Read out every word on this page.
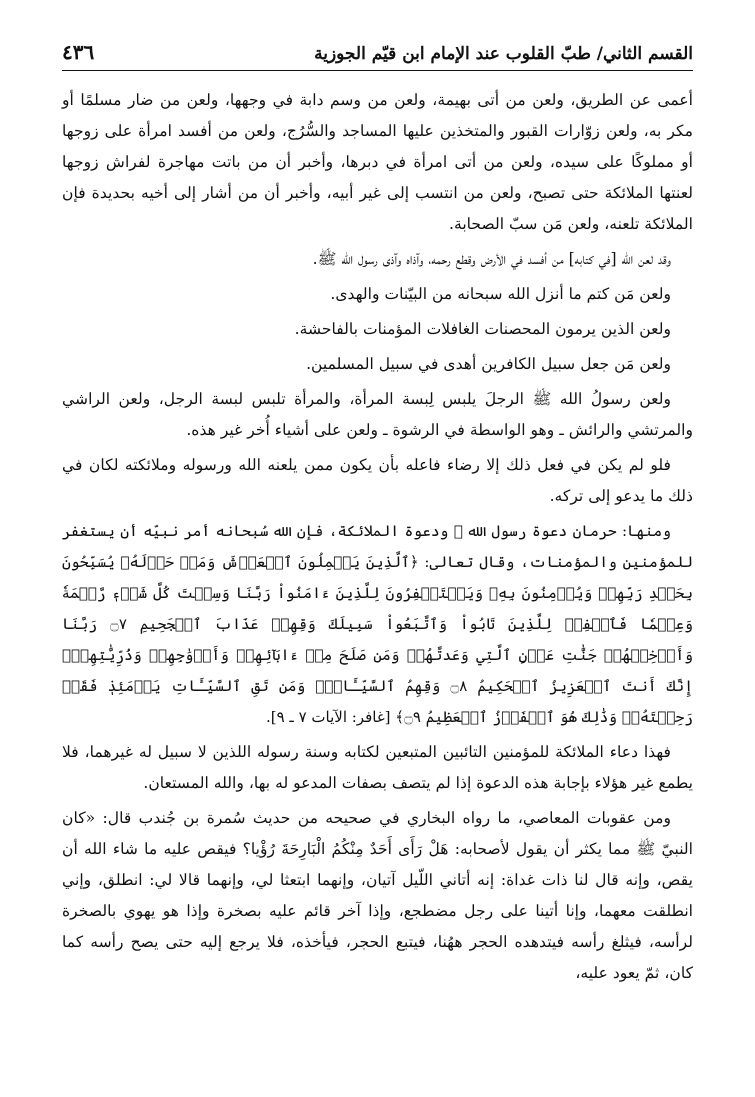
القسم الثاني/ طبّ القلوب عند الإمام ابن قيّم الجوزية
٤٣٦

أعمى عن الطريق، ولعن من أتى بهيمة، ولعن من وسم دابة في وجهها، ولعن من ضار مسلمًا أو مكر به، ولعن زوّارات القبور والمتخذين عليها المساجد والسُّرُج، ولعن من أفسد امرأة على زوجها أو مملوكًا على سيده، ولعن من أتى امرأة في دبرها، وأخبر أن من باتت مهاجرة لفراش زوجها لعنتها الملائكة حتى تصبح، ولعن من انتسب إلى غير أبيه، وأخبر أن من أشار إلى أخيه بحديدة فإن الملائكة تلعنه، ولعن مَن سبّ الصحابة.

وقد لعن الله [في كتابه] من أفسد في الأرض وقطع رحمه، وآذاه وآذى رسول الله ﷺ.

ولعن مَن كتم ما أنزل الله سبحانه من البيّنات والهدى.

ولعن الذين يرمون المحصنات الغافلات المؤمنات بالفاحشة.

ولعن مَن جعل سبيل الكافرين أهدى في سبيل المسلمين.

ولعن رسولُ الله ﷺ الرجلَ يلبس لِبسة المرأة، والمرأة تلبس لبسة الرجل، ولعن الراشي والمرتشي والرائش ـ وهو الواسطة في الرشوة ـ ولعن على أشياء أُخر غير هذه.

فلو لم يكن في فعل ذلك إلا رضاء فاعله بأن يكون ممن يلعنه الله ورسوله وملائكته لكان في ذلك ما يدعو إلى تركه.

ومنها: حرمان دعوة رسول الله ﷺ ودعوة الملائكة، فإن الله سُبحانه أمر نبيّه أن يستغفر للمؤمنين والمؤمنات، وقال تعالى: ﴿ٱلَّذِينَ يَحۡمِلُونَ ٱلۡعَرۡشَ وَمَنۡ حَوۡلَهُۥ يُسَبِّحُونَ بِحَمۡدِ رَبِّهِمۡ وَيُؤۡمِنُونَ بِهِۦ وَيَسۡتَغۡفِرُونَ لِلَّذِينَ ءَامَنُواْ رَبَّنَا وَسِعۡتَ كُلَّ شَيۡءٖ رَّحۡمَةٗ وَعِلۡمٗا فَٱغۡفِرۡ لِلَّذِينَ تَابُواْ وَٱتَّبَعُواْ سَبِيلَكَ وَقِهِمۡ عَذَابَ ٱلۡجَحِيمِ ۝٧ رَبَّنَا وَأَدۡخِلۡهُمۡ جَنَّٰتِ عَدۡنٍ ٱلَّتِي وَعَدتَّهُمۡ وَمَن صَلَحَ مِنۡ ءَابَآئِهِمۡ وَأَزۡوَٰجِهِمۡ وَذُرِّيَّٰتِهِمۡۚ إِنَّكَ أَنتَ ٱلۡعَزِيزُ ٱلۡحَكِيمُ ۝٨ وَقِهِمُ ٱلسَّيِّـَٔاتِۚ وَمَن تَقِ ٱلسَّيِّـَٔاتِ يَوۡمَئِذٖ فَقَدۡ رَحِمۡتَهُۥۚ وَذَٰلِكَ هُوَ ٱلۡفَوۡزُ ٱلۡعَظِيمُ ۝٩﴾ [غافر: الآيات ٧ ـ ٩].

فهذا دعاء الملائكة للمؤمنين التائبين المتبعين لكتابه وسنة رسوله اللذين لا سبيل له غيرهما، فلا يطمع غير هؤلاء بإجابة هذه الدعوة إذا لم يتصف بصفات المدعو له بها، والله المستعان.

ومن عقوبات المعاصي، ما رواه البخاري في صحيحه من حديث سُمرة بن جُندب قال: «كان النبيّ ﷺ مما يكثر أن يقول لأصحابه: هَلْ رَأَى أَحَدٌ مِنْكُمُ الْبَارِحَةَ رُؤْيا؟ فيقص عليه ما شاء الله أن يقص، وإنه قال لنا ذات غداة: إنه أتاني اللّيل آتيان، وإنهما ابتعثا لي، وإنهما قالا لي: انطلق، وإني انطلقت معهما، وإنا أتينا على رجل مضطجع، وإذا آخر قائم عليه بصخرة وإذا هو يهوي بالصخرة لرأسه، فيثلغ رأسه فيتدهده الحجر ههُنا، فيتبع الحجر، فيأخذه، فلا يرجع إليه حتى يصح رأسه كما كان، ثمّ يعود عليه،
